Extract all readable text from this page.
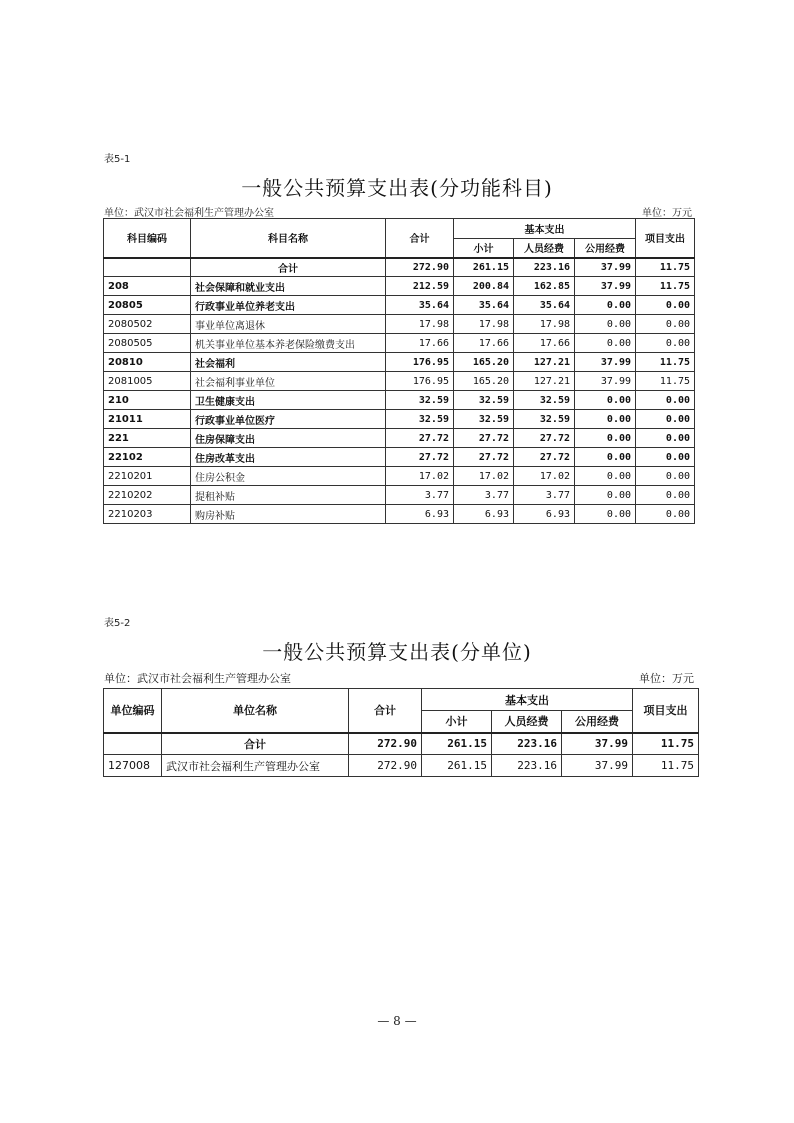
表5-1
一般公共预算支出表(分功能科目)
单位：武汉市社会福利生产管理办公室	单位：万元
科目编码	科目名称	合计	基本支出			项目支出
			小计	人员经费	公用经费	
	合计	272.90	261.15	223.16	37.99	11.75
208	社会保障和就业支出	212.59	200.84	162.85	37.99	11.75
20805	行政事业单位养老支出	35.64	35.64	35.64	0.00	0.00
2080502	事业单位离退休	17.98	17.98	17.98	0.00	0.00
2080505	机关事业单位基本养老保险缴费支出	17.66	17.66	17.66	0.00	0.00
20810	社会福利	176.95	165.20	127.21	37.99	11.75
2081005	社会福利事业单位	176.95	165.20	127.21	37.99	11.75
210	卫生健康支出	32.59	32.59	32.59	0.00	0.00
21011	行政事业单位医疗	32.59	32.59	32.59	0.00	0.00
221	住房保障支出	27.72	27.72	27.72	0.00	0.00
22102	住房改革支出	27.72	27.72	27.72	0.00	0.00
2210201	住房公积金	17.02	17.02	17.02	0.00	0.00
2210202	提租补贴	3.77	3.77	3.77	0.00	0.00
2210203	购房补贴	6.93	6.93	6.93	0.00	0.00
表5-2
一般公共预算支出表(分单位)
单位：武汉市社会福利生产管理办公室	单位：万元
单位编码	单位名称	合计	基本支出			项目支出
			小计	人员经费	公用经费	
	合计	272.90	261.15	223.16	37.99	11.75
127008	武汉市社会福利生产管理办公室	272.90	261.15	223.16	37.99	11.75
— 8 —
